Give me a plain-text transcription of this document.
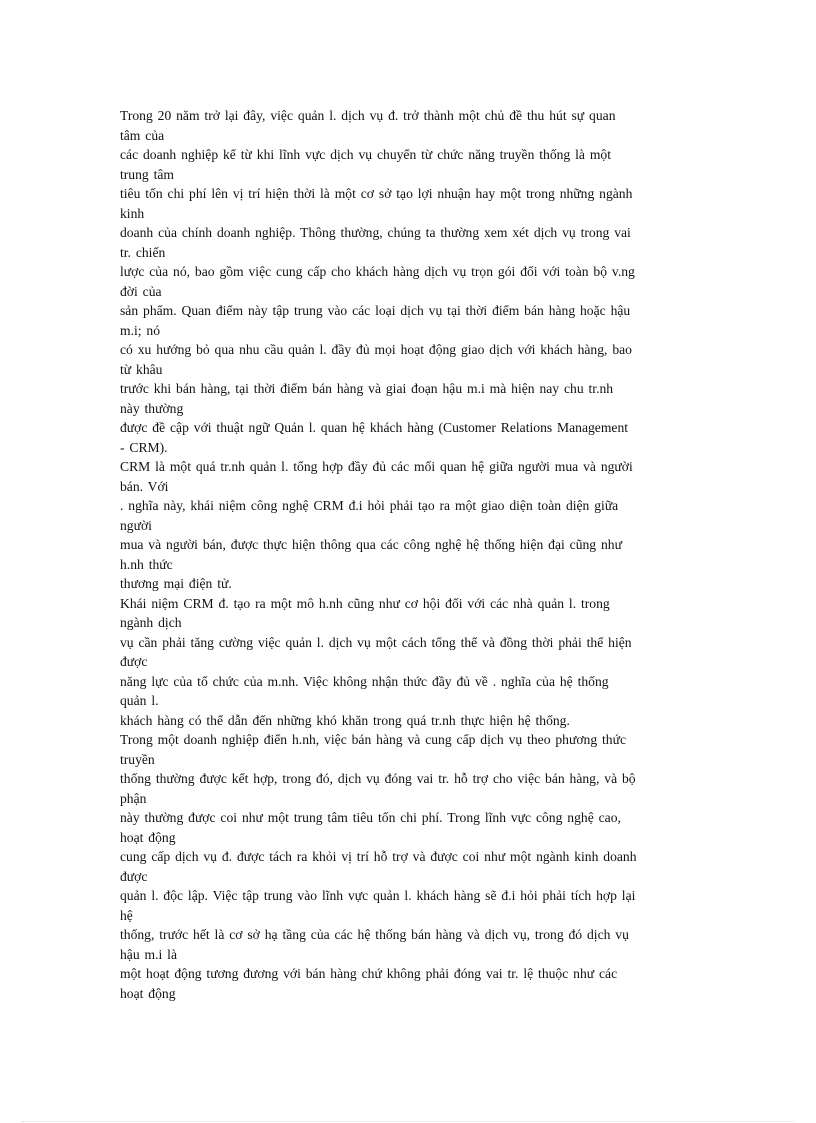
Trong 20 năm trở lại đây, việc quản l. dịch vụ đ. trở thành một chủ đề thu hút sự quan
tâm của
các doanh nghiệp kể từ khi lĩnh vực dịch vụ chuyển từ chức năng truyền thống là một
trung tâm
tiêu tốn chi phí lên vị trí hiện thời là một cơ sở tạo lợi nhuận hay một trong những ngành
kinh
doanh của chính doanh nghiệp. Thông thường, chúng ta thường xem xét dịch vụ trong vai
tr. chiến
lược của nó, bao gồm việc cung cấp cho khách hàng dịch vụ trọn gói đối với toàn bộ v.ng
đời của
sản phẩm. Quan điểm này tập trung vào các loại dịch vụ tại thời điểm bán hàng hoặc hậu
m.i; nó
có xu hướng bỏ qua nhu cầu quản l. đầy đủ mọi hoạt động giao dịch với khách hàng, bao
từ khâu
trước khi bán hàng, tại thời điểm bán hàng và giai đoạn hậu m.i mà hiện nay chu tr.nh
này thường
được đề cập với thuật ngữ Quản l. quan hệ khách hàng (Customer Relations Management
- CRM).
CRM là một quá tr.nh quản l. tổng hợp đầy đủ các mối quan hệ giữa người mua và người
bán. Với
. nghĩa này, khái niệm công nghệ CRM đ.i hỏi phải tạo ra một giao diện toàn diện giữa
người
mua và người bán, được thực hiện thông qua các công nghệ hệ thống hiện đại cũng như
h.nh thức
thương mại điện tử.
Khái niệm CRM đ. tạo ra một mô h.nh cũng như cơ hội đối với các nhà quản l. trong
ngành dịch
vụ cần phải tăng cường việc quản l. dịch vụ một cách tổng thể và đồng thời phải thể hiện
được
năng lực của tổ chức của m.nh. Việc không nhận thức đầy đủ về . nghĩa của hệ thống
quản l.
khách hàng có thể dẫn đến những khó khăn trong quá tr.nh thực hiện hệ thống.
Trong một doanh nghiệp điển h.nh, việc bán hàng và cung cấp dịch vụ theo phương thức
truyền
thống thường được kết hợp, trong đó, dịch vụ đóng vai tr. hỗ trợ cho việc bán hàng, và bộ
phận
này thường được coi như một trung tâm tiêu tốn chi phí. Trong lĩnh vực công nghệ cao,
hoạt động
cung cấp dịch vụ đ. được tách ra khỏi vị trí hỗ trợ và được coi như một ngành kinh doanh
được
quản l. độc lập. Việc tập trung vào lĩnh vực quản l. khách hàng sẽ đ.i hỏi phải tích hợp lại
hệ
thống, trước hết là cơ sở hạ tầng của các hệ thống bán hàng và dịch vụ, trong đó dịch vụ
hậu m.i là
một hoạt động tương đương với bán hàng chứ không phải đóng vai tr. lệ thuộc như các
hoạt động
